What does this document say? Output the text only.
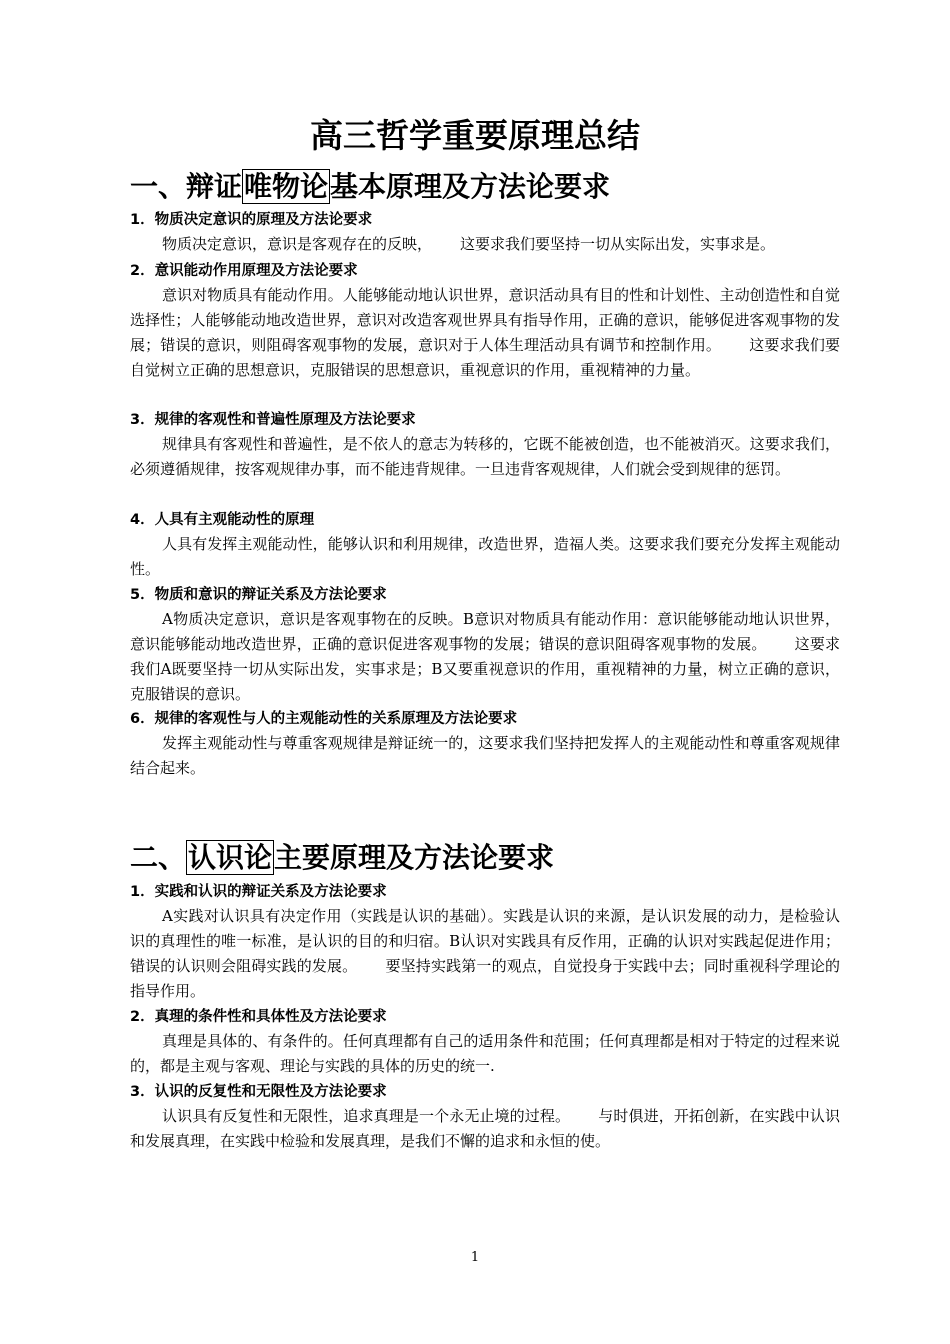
高三哲学重要原理总结
一、辩证唯物论基本原理及方法论要求

1．物质决定意识的原理及方法论要求

物质决定意识，意识是客观存在的反映， 这要求我们要坚持一切从实际出发，实事求是。

2．意识能动作用原理及方法论要求

意识对物质具有能动作用。人能够能动地认识世界，意识活动具有目的性和计划性、主动创造性和自觉选择性；人能够能动地改造世界，意识对改造客观世界具有指导作用，正确的意识，能够促进客观事物的发展；错误的意识，则阻碍客观事物的发展，意识对于人体生理活动具有调节和控制作用。 这要求我们要自觉树立正确的思想意识，克服错误的思想意识，重视意识的作用，重视精神的力量。

3．规律的客观性和普遍性原理及方法论要求

规律具有客观性和普遍性，是不依人的意志为转移的，它既不能被创造，也不能被消灭。这要求我们，必须遵循规律，按客观规律办事，而不能违背规律。一旦违背客观规律，人们就会受到规律的惩罚。

4．人具有主观能动性的原理

人具有发挥主观能动性，能够认识和利用规律，改造世界，造福人类。这要求我们要充分发挥主观能动性。

5．物质和意识的辩证关系及方法论要求

A物质决定意识，意识是客观事物在的反映。B意识对物质具有能动作用：意识能够能动地认识世界，意识能够能动地改造世界，正确的意识促进客观事物的发展；错误的意识阻碍客观事物的发展。 这要求我们A既要坚持一切从实际出发，实事求是；B又要重视意识的作用，重视精神的力量，树立正确的意识，克服错误的意识。

6．规律的客观性与人的主观能动性的关系原理及方法论要求

发挥主观能动性与尊重客观规律是辩证统一的，这要求我们坚持把发挥人的主观能动性和尊重客观规律结合起来。

二、认识论主要原理及方法论要求

1．实践和认识的辩证关系及方法论要求

A实践对认识具有决定作用（实践是认识的基础）。实践是认识的来源，是认识发展的动力，是检验认识的真理性的唯一标准，是认识的目的和归宿。B认识对实践具有反作用，正确的认识对实践起促进作用；错误的认识则会阻碍实践的发展。 要坚持实践第一的观点，自觉投身于实践中去；同时重视科学理论的指导作用。

2．真理的条件性和具体性及方法论要求

真理是具体的、有条件的。任何真理都有自己的适用条件和范围；任何真理都是相对于特定的过程来说的，都是主观与客观、理论与实践的具体的历史的统一.

3．认识的反复性和无限性及方法论要求

认识具有反复性和无限性，追求真理是一个永无止境的过程。 与时俱进，开拓创新，在实践中认识和发展真理，在实践中检验和发展真理，是我们不懈的追求和永恒的使。

1
